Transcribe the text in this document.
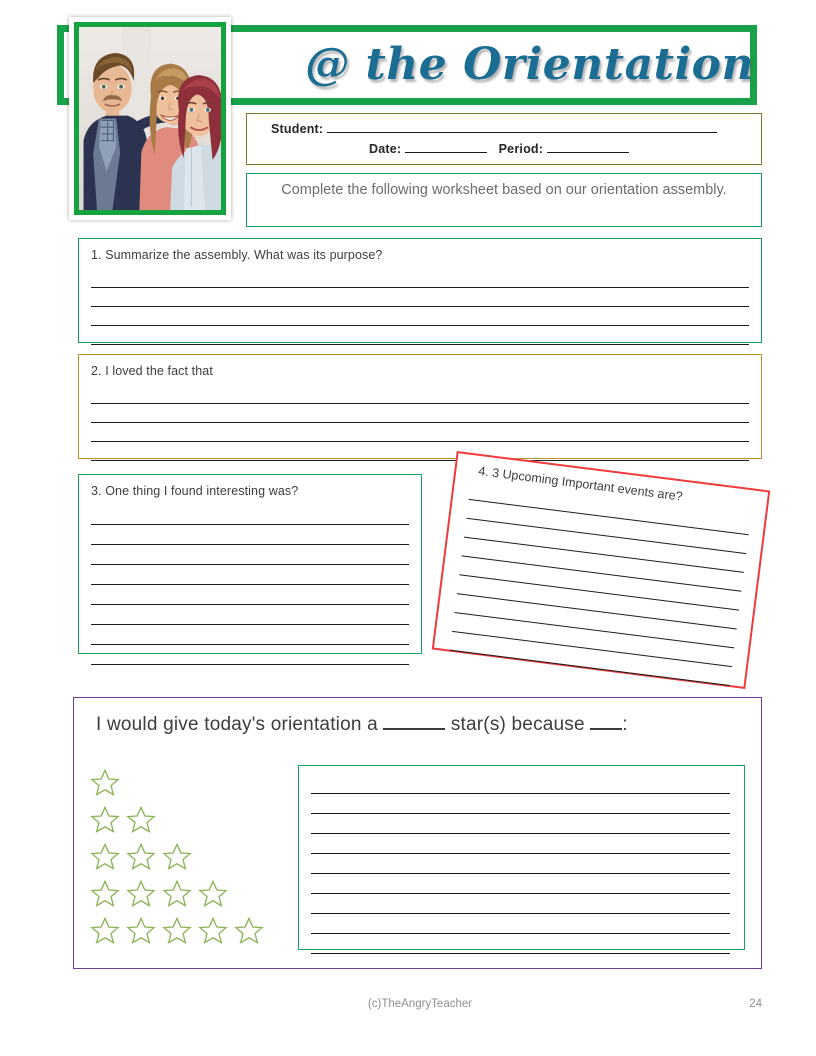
@ the Orientation
Student:
Date:	Period:
Complete the following worksheet based on our orientation assembly.
1. Summarize the assembly. What was its purpose?
2. I loved the fact that
3. One thing I found interesting was?	4. 3 Upcoming Important events are?
I would give today's orientation a	star(s) because :
(c)TheAngryTeacher	24
